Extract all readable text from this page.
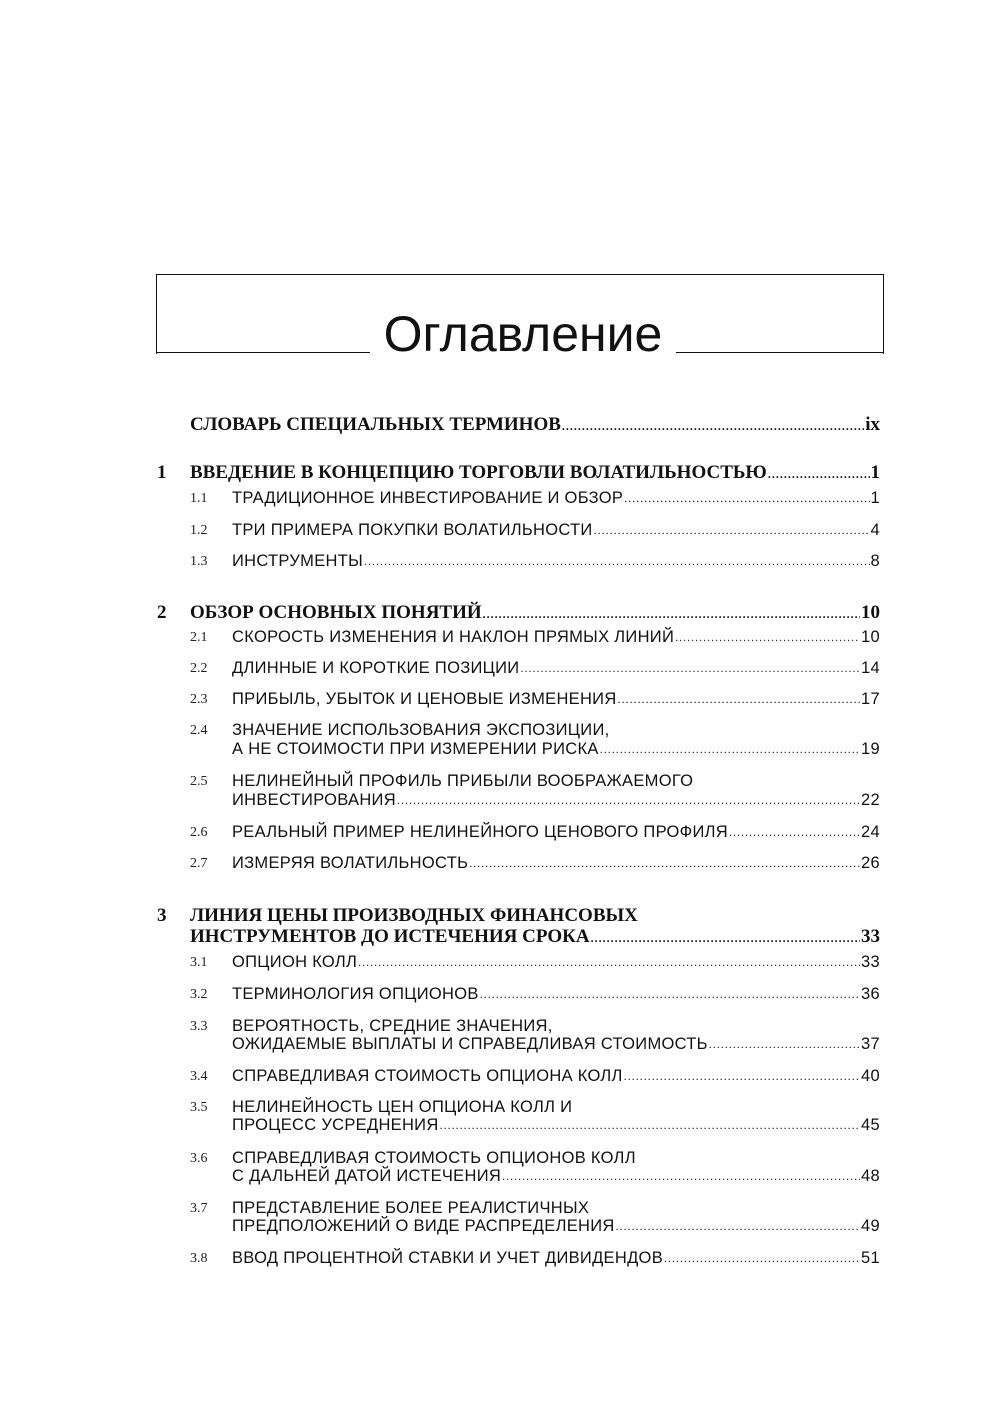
Оглавление
СЛОВАРЬ СПЕЦИАЛЬНЫХ ТЕРМИНОВ .....	ix
1 ВВЕДЕНИЕ В КОНЦЕПЦИЮ ТОРГОВЛИ ВОЛАТИЛЬНОСТЬЮ .....	1
1.1 ТРАДИЦИОННОЕ ИНВЕСТИРОВАНИЕ И ОБЗОР .....	1
1.2 ТРИ ПРИМЕРА ПОКУПКИ ВОЛАТИЛЬНОСТИ .....	4
1.3 ИНСТРУМЕНТЫ .....	8
2 ОБЗОР ОСНОВНЫХ ПОНЯТИЙ .....	10
2.1 СКОРОСТЬ ИЗМЕНЕНИЯ И НАКЛОН ПРЯМЫХ ЛИНИЙ .....	10
2.2 ДЛИННЫЕ И КОРОТКИЕ ПОЗИЦИИ .....	14
2.3 ПРИБЫЛЬ, УБЫТОК И ЦЕНОВЫЕ ИЗМЕНЕНИЯ .....	17
2.4 ЗНАЧЕНИЕ ИСПОЛЬЗОВАНИЯ ЭКСПОЗИЦИИ,
А НЕ СТОИМОСТИ ПРИ ИЗМЕРЕНИИ РИСКА .....	19
2.5 НЕЛИНЕЙНЫЙ ПРОФИЛЬ ПРИБЫЛИ ВООБРАЖАЕМОГО
ИНВЕСТИРОВАНИЯ .....	22
2.6 РЕАЛЬНЫЙ ПРИМЕР НЕЛИНЕЙНОГО ЦЕНОВОГО ПРОФИЛЯ .....	24
2.7 ИЗМЕРЯЯ ВОЛАТИЛЬНОСТЬ .....	26
3 ЛИНИЯ ЦЕНЫ ПРОИЗВОДНЫХ ФИНАНСОВЫХ
ИНСТРУМЕНТОВ ДО ИСТЕЧЕНИЯ СРОКА .....	33
3.1 ОПЦИОН КОЛЛ .....	33
3.2 ТЕРМИНОЛОГИЯ ОПЦИОНОВ .....	36
3.3 ВЕРОЯТНОСТЬ, СРЕДНИЕ ЗНАЧЕНИЯ,
ОЖИДАЕМЫЕ ВЫПЛАТЫ И СПРАВЕДЛИВАЯ СТОИМОСТЬ .....	37
3.4 СПРАВЕДЛИВАЯ СТОИМОСТЬ ОПЦИОНА КОЛЛ .....	40
3.5 НЕЛИНЕЙНОСТЬ ЦЕН ОПЦИОНА КОЛЛ И
ПРОЦЕСС УСРЕДНЕНИЯ .....	45
3.6 СПРАВЕДЛИВАЯ СТОИМОСТЬ ОПЦИОНОВ КОЛЛ
С ДАЛЬНЕЙ ДАТОЙ ИСТЕЧЕНИЯ .....	48
3.7 ПРЕДСТАВЛЕНИЕ БОЛЕЕ РЕАЛИСТИЧНЫХ
ПРЕДПОЛОЖЕНИЙ О ВИДЕ РАСПРЕДЕЛЕНИЯ .....	49
3.8 ВВОД ПРОЦЕНТНОЙ СТАВКИ И УЧЕТ ДИВИДЕНДОВ .....	51
